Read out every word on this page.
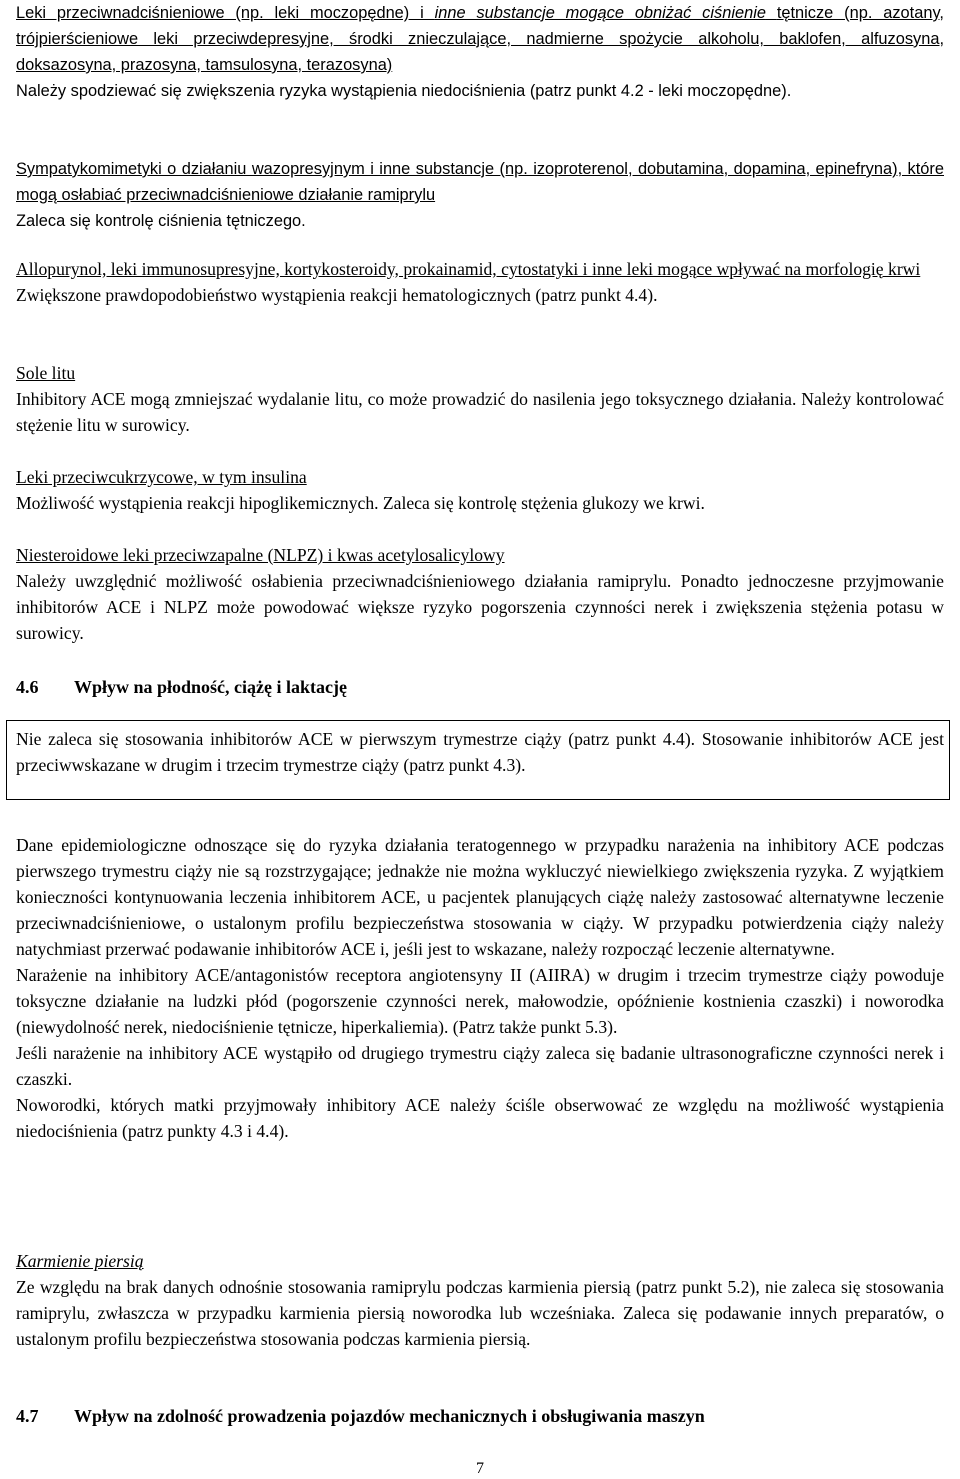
Leki przeciwnadciśnieniowe (np. leki moczopędne) i inne substancje mogące obniżać ciśnienie tętnicze (np. azotany, trójpierścieniowe leki przeciwdepresyjne, środki znieczulające, nadmierne spożycie alkoholu, baklofen, alfuzosyna, doksazosyna, prazosyna, tamsulosyna, terazosyna)
Należy spodziewać się zwiększenia ryzyka wystąpienia niedociśnienia (patrz punkt 4.2 - leki moczopędne).
Sympatykomimetyki o działaniu wazopresyjnym i inne substancje (np. izoproterenol, dobutamina, dopamina, epinefryna), które mogą osłabiać przeciwnadciśnieniowe działanie ramiprylu
Zaleca się kontrolę ciśnienia tętniczego.
Allopurynol, leki immunosupresyjne, kortykosteroidy, prokainamid, cytostatyki i inne leki mogące wpływać na morfologię krwi
Zwiększone prawdopodobieństwo wystąpienia reakcji hematologicznych (patrz punkt 4.4).
Sole litu
Inhibitory ACE mogą zmniejszać wydalanie litu, co może prowadzić do nasilenia jego toksycznego działania. Należy kontrolować stężenie litu w surowicy.
Leki przeciwcukrzycowe, w tym insulina
Możliwość wystąpienia reakcji hipoglikemicznych. Zaleca się kontrolę stężenia glukozy we krwi.
Niesteroidowe leki przeciwzapalne (NLPZ) i kwas acetylosalicylowy
Należy uwzględnić możliwość osłabienia przeciwnadciśnieniowego działania ramiprylu. Ponadto jednoczesne przyjmowanie inhibitorów ACE i NLPZ może powodować większe ryzyko pogorszenia czynności nerek i zwiększenia stężenia potasu w surowicy.
4.6 Wpływ na płodność, ciążę i laktację
Nie zaleca się stosowania inhibitorów ACE w pierwszym trymestrze ciąży (patrz punkt 4.4). Stosowanie inhibitorów ACE jest przeciwwskazane w drugim i trzecim trymestrze ciąży (patrz punkt 4.3).
Dane epidemiologiczne odnoszące się do ryzyka działania teratogennego w przypadku narażenia na inhibitory ACE podczas pierwszego trymestru ciąży nie są rozstrzygające; jednakże nie można wykluczyć niewielkiego zwiększenia ryzyka. Z wyjątkiem konieczności kontynuowania leczenia inhibitorem ACE, u pacjentek planujących ciążę należy zastosować alternatywne leczenie przeciwnadciśnieniowe, o ustalonym profilu bezpieczeństwa stosowania w ciąży. W przypadku potwierdzenia ciąży należy natychmiast przerwać podawanie inhibitorów ACE i, jeśli jest to wskazane, należy rozpocząć leczenie alternatywne.
Narażenie na inhibitory ACE/antagonistów receptora angiotensyny II (AIIRA) w drugim i trzecim trymestrze ciąży powoduje toksyczne działanie na ludzki płód (pogorszenie czynności nerek, małowodzie, opóźnienie kostnienia czaszki) i noworodka (niewydolność nerek, niedociśnienie tętnicze, hiperkaliemia). (Patrz także punkt 5.3).
Jeśli narażenie na inhibitory ACE wystąpiło od drugiego trymestru ciąży zaleca się badanie ultrasonograficzne czynności nerek i czaszki.
Noworodki, których matki przyjmowały inhibitory ACE należy ściśle obserwować ze względu na możliwość wystąpienia niedociśnienia (patrz punkty 4.3 i 4.4).
Karmienie piersią
Ze względu na brak danych odnośnie stosowania ramiprylu podczas karmienia piersią (patrz punkt 5.2), nie zaleca się stosowania ramiprylu, zwłaszcza w przypadku karmienia piersią noworodka lub wcześniaka. Zaleca się podawanie innych preparatów, o ustalonym profilu bezpieczeństwa stosowania podczas karmienia piersią.
4.7 Wpływ na zdolność prowadzenia pojazdów mechanicznych i obsługiwania maszyn
7
